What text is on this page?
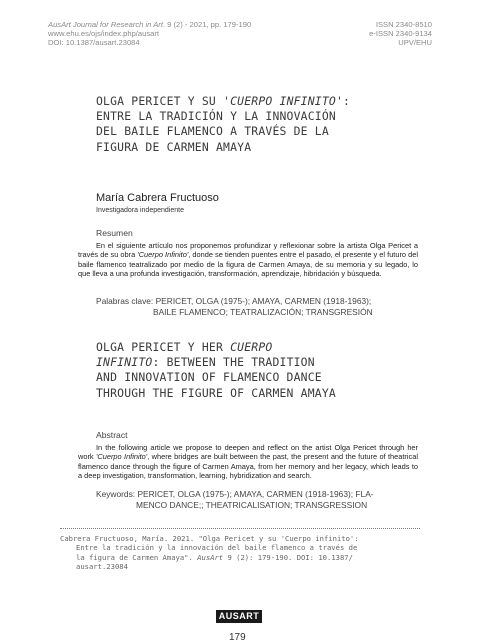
AusArt Journal for Research in Art. 9 (2) - 2021, pp. 179-190
www.ehu.es/ojs/index.php/ausart
DOI: 10.1387/ausart.23084
ISSN 2340-8510
e-ISSN 2340-9134
UPV/EHU
OLGA PERICET Y SU 'CUERPO INFINITO':
ENTRE LA TRADICIÓN Y LA INNOVACIÓN
DEL BAILE FLAMENCO A TRAVÉS DE LA
FIGURA DE CARMEN AMAYA
María Cabrera Fructuoso
Investigadora independiente
Resumen
En el siguiente artículo nos proponemos profundizar y reflexionar sobre la artista Olga Pericet a través de su obra 'Cuerpo Infinito', donde se tienden puentes entre el pasado, el presente y el futuro del baile flamenco teatralizado por medio de la figura de Carmen Amaya, de su memoria y su legado, lo que lleva a una profunda investigación, transformación, aprendizaje, hibridación y búsqueda.
Palabras clave: PERICET, OLGA (1975-); AMAYA, CARMEN (1918-1963);
BAILE FLAMENCO; TEATRALIZACIÓN; TRANSGRESIÓN
OLGA PERICET Y HER CUERPO
INFINITO: BETWEEN THE TRADITION
AND INNOVATION OF FLAMENCO DANCE
THROUGH THE FIGURE OF CARMEN AMAYA
Abstract
In the following article we propose to deepen and reflect on the artist Olga Pericet through her work 'Cuerpo Infinito', where bridges are built between the past, the present and the future of theatrical flamenco dance through the figure of Carmen Amaya, from her memory and her legacy, which leads to a deep investigation, transformation, learning, hybridization and search.
Keywords: PERICET, OLGA (1975-); AMAYA, CARMEN (1918-1963); FLA-
MENCO DANCE;; THEATRICALISATION; TRANSGRESSION
Cabrera Fructuoso, María. 2021. "Olga Pericet y su 'Cuerpo infinito':
Entre la tradición y la innovación del baile flamenco a través de
la figura de Carmen Amaya". AusArt 9 (2): 179-190. DOI: 10.1387/
ausart.23084
AUSART
179
